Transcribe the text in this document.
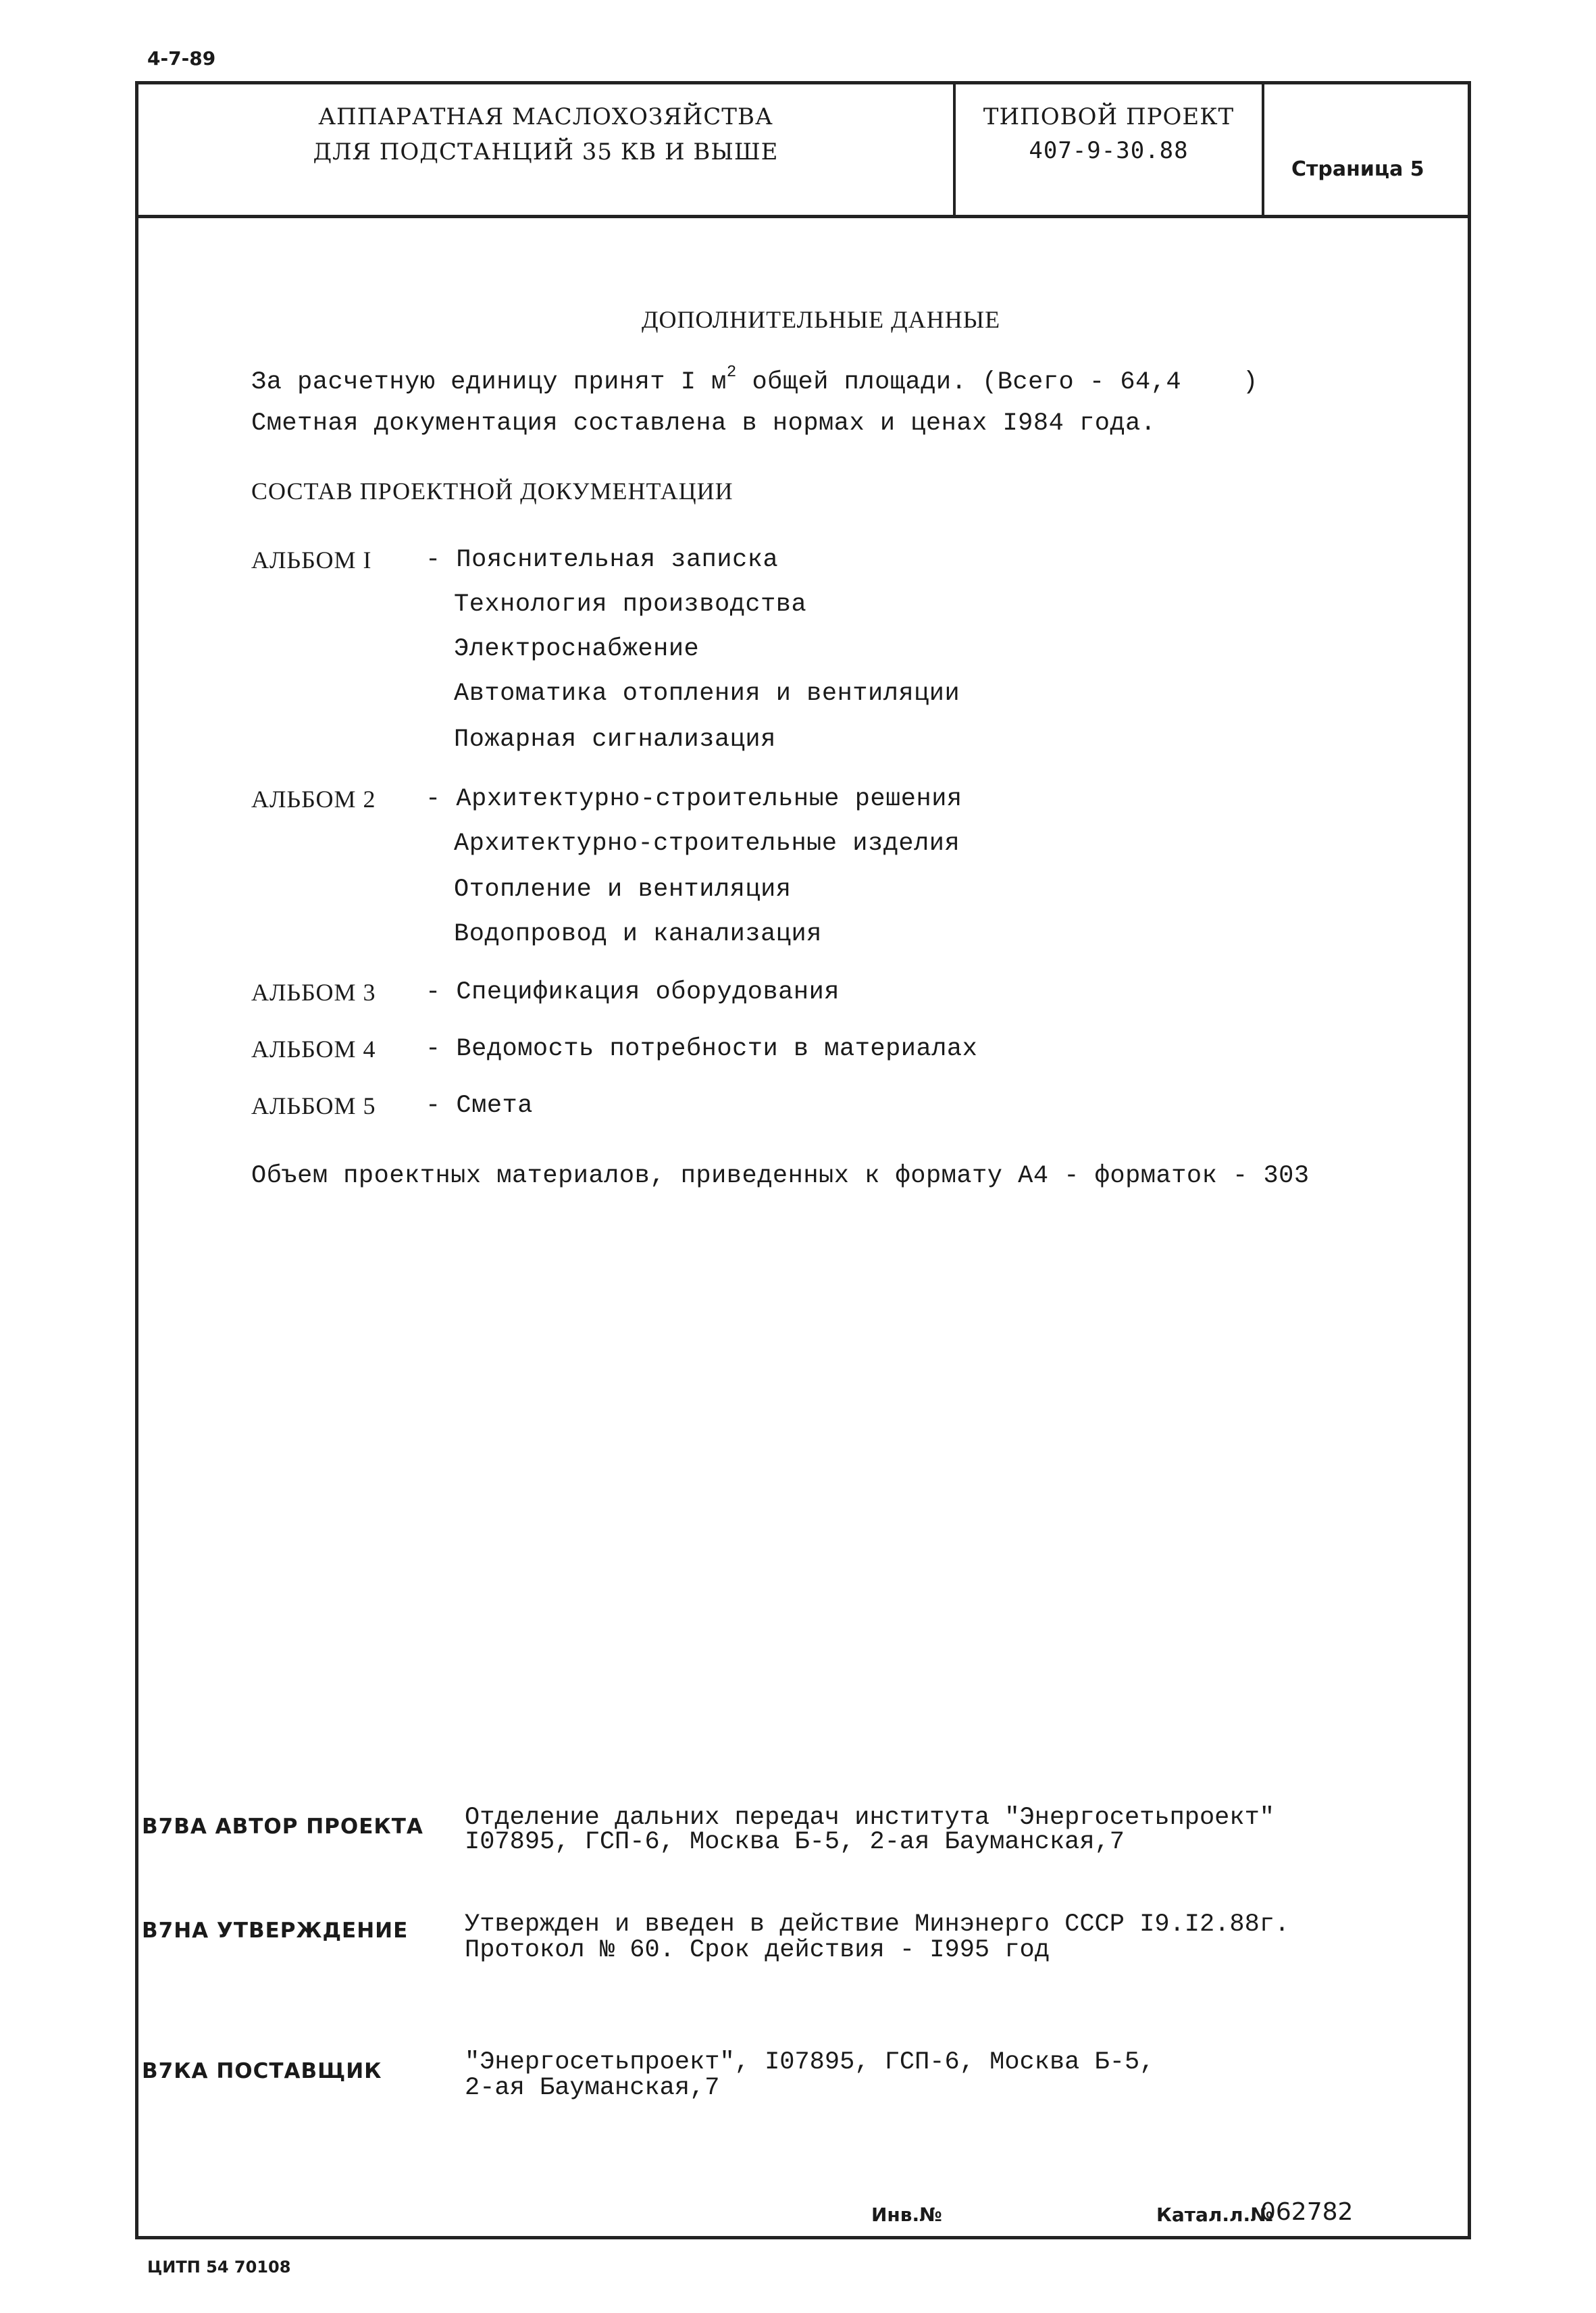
4-7-89
АППАРАТНАЯ МАСЛОХОЗЯЙСТВА
ДЛЯ ПОДСТАНЦИЙ 35 КВ И ВЫШЕ
ТИПОВОЙ ПРОЕКТ
407-9-30.88
Страница 5
ДОПОЛНИТЕЛЬНЫЕ ДАННЫЕ
За расчетную единицу принят I $м^2$ общей площади. (Всего - 64,4    )
Сметная документация составлена в нормах и ценах I984 года.
СОСТАВ ПРОЕКТНОЙ ДОКУМЕНТАЦИИ
АЛЬБОМ I - Пояснительная записка
Технология производства
Электроснабжение
Автоматика отопления и вентиляции
Пожарная сигнализация
АЛЬБОМ 2 - Архитектурно-строительные решения
Архитектурно-строительные изделия
Отопление и вентиляция
Водопровод и канализация
АЛЬБОМ 3 - Спецификация оборудования
АЛЬБОМ 4 - Ведомость потребности в материалах
АЛЬБОМ 5 - Смета
Объем проектных материалов, приведенных к формату А4 - форматок - 303
В7ВА АВТОР ПРОЕКТА Отделение дальних передач института "Энергосетьпроект"
I07895, ГСП-6, Москва Б-5, 2-ая Бауманская,7
В7НА УТВЕРЖДЕНИЕ Утвержден и введен в действие Минэнерго СССР I9.I2.88г.
Протокол № 60. Срок действия - I995 год
В7КА ПОСТАВЩИК	"Энергосетьпроект", I07895, ГСП-6, Москва Б-5,
2-ая Бауманская,7
Инв.№	Катал.л.№
062782
ЦИТП 54 70108
